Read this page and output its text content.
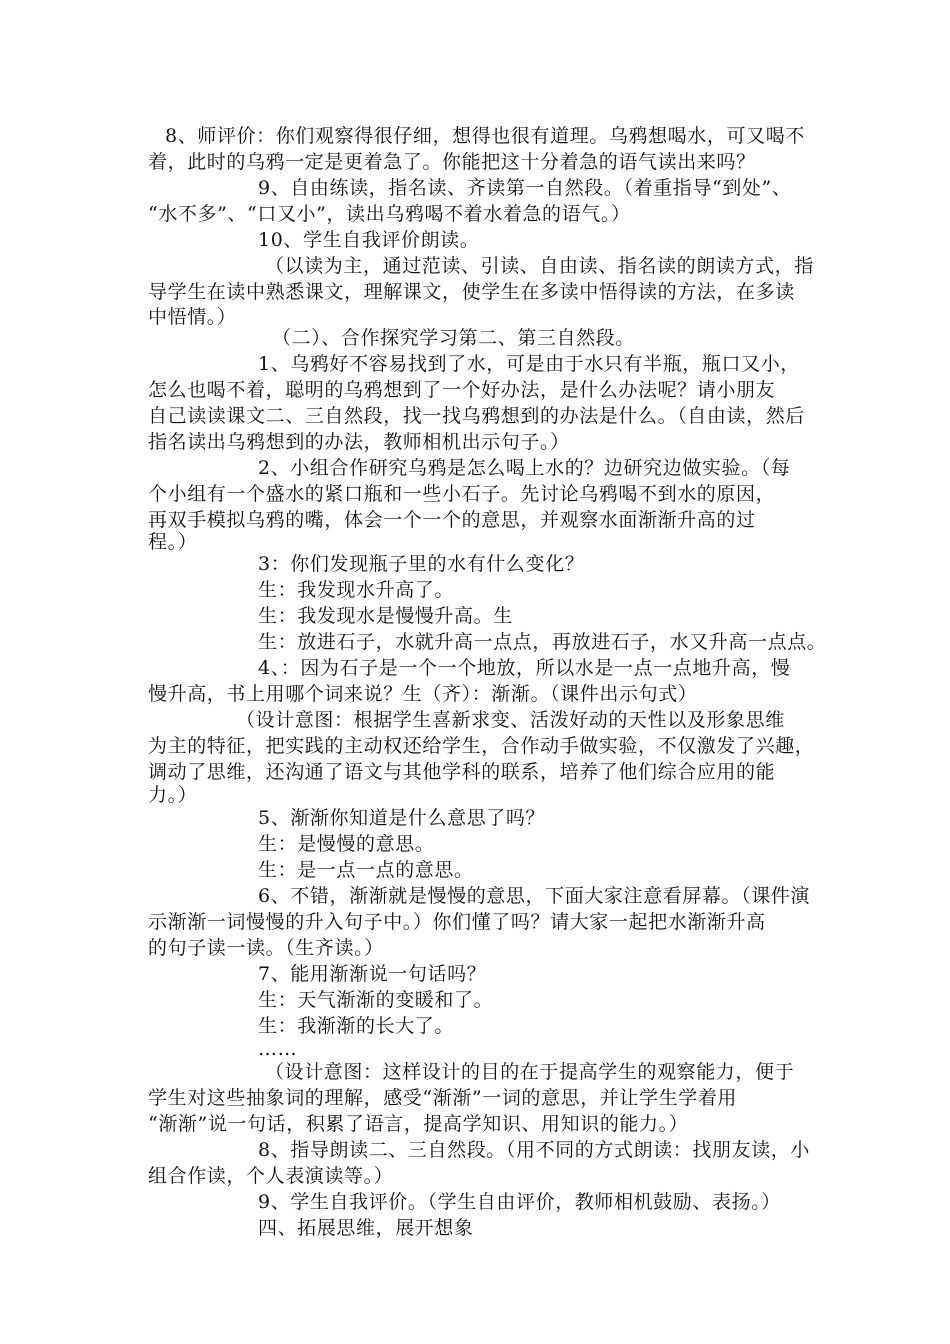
8、师评价：你们观察得很仔细，想得也很有道理。乌鸦想喝水，可又喝不
着，此时的乌鸦一定是更着急了。你能把这十分着急的语气读出来吗？
9、自由练读，指名读、齐读第一自然段。（着重指导“到处”、
“水不多”、“口又小”，读出乌鸦喝不着水着急的语气。）
10、学生自我评价朗读。
（以读为主，通过范读、引读、自由读、指名读的朗读方式，指
导学生在读中熟悉课文，理解课文，使学生在多读中悟得读的方法，在多读
中悟情。）
（二）、合作探究学习第二、第三自然段。
1、乌鸦好不容易找到了水，可是由于水只有半瓶，瓶口又小，
怎么也喝不着，聪明的乌鸦想到了一个好办法，是什么办法呢？请小朋友
自己读读课文二、三自然段，找一找乌鸦想到的办法是什么。（自由读，然后
指名读出乌鸦想到的办法，教师相机出示句子。）
2、小组合作研究乌鸦是怎么喝上水的？边研究边做实验。（每
个小组有一个盛水的紧口瓶和一些小石子。先讨论乌鸦喝不到水的原因，
再双手模拟乌鸦的嘴，体会一个一个的意思，并观察水面渐渐升高的过
程。）
3：你们发现瓶子里的水有什么变化？
生：我发现水升高了。
生：我发现水是慢慢升高。生
生：放进石子，水就升高一点点，再放进石子，水又升高一点点。
4、：因为石子是一个一个地放，所以水是一点一点地升高，慢
慢升高，书上用哪个词来说？生（齐）：渐渐。（课件出示句式）
（设计意图：根据学生喜新求变、活泼好动的天性以及形象思维
为主的特征，把实践的主动权还给学生，合作动手做实验，不仅激发了兴趣，
调动了思维，还沟通了语文与其他学科的联系，培养了他们综合应用的能
力。）
5、渐渐你知道是什么意思了吗？
生：是慢慢的意思。
生：是一点一点的意思。
6、不错，渐渐就是慢慢的意思，下面大家注意看屏幕。（课件演
示渐渐一词慢慢的升入句子中。）你们懂了吗？请大家一起把水渐渐升高
的句子读一读。（生齐读。）
7、能用渐渐说一句话吗？
生：天气渐渐的变暖和了。
生：我渐渐的长大了。
……
（设计意图：这样设计的目的在于提高学生的观察能力，便于
学生对这些抽象词的理解，感受“渐渐”一词的意思，并让学生学着用
“渐渐”说一句话，积累了语言，提高学知识、用知识的能力。）
8、指导朗读二、三自然段。（用不同的方式朗读：找朋友读，小
组合作读，个人表演读等。）
9、学生自我评价。（学生自由评价，教师相机鼓励、表扬。）
四、拓展思维，展开想象
